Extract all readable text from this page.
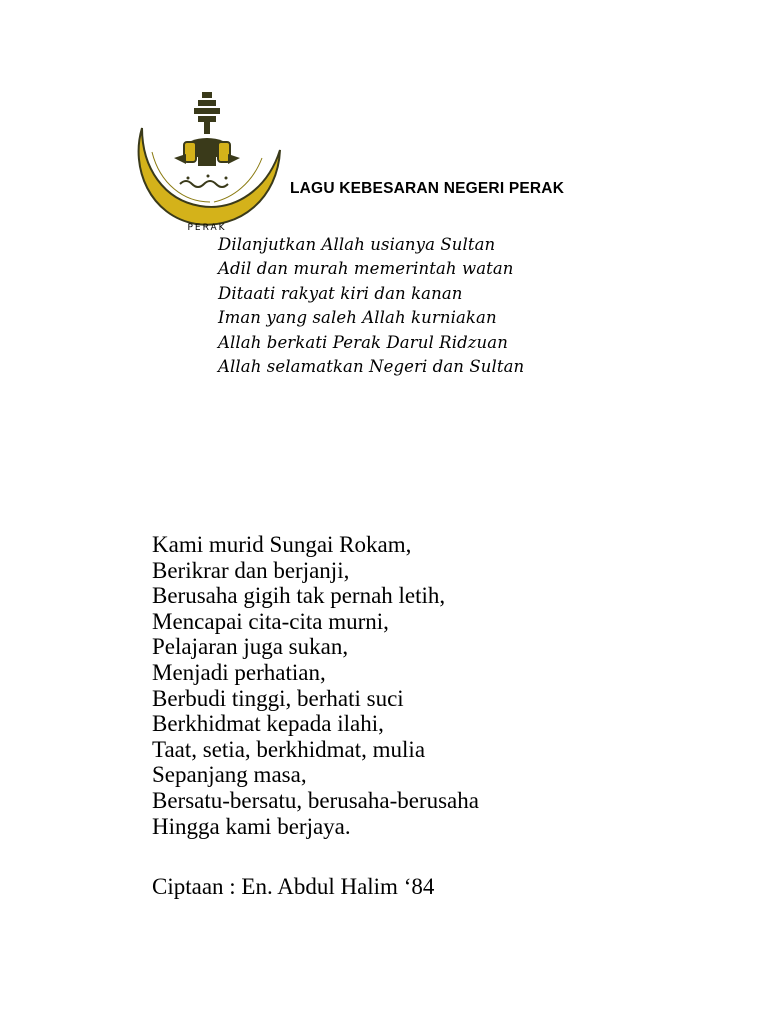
PERAK
LAGU KEBESARAN NEGERI PERAK
Dilanjutkan Allah usianya Sultan
Adil dan murah memerintah watan
Ditaati rakyat kiri dan kanan
Iman yang saleh Allah kurniakan
Allah berkati Perak Darul Ridzuan
Allah selamatkan Negeri dan Sultan
Kami murid Sungai Rokam,
Berikrar dan berjanji,
Berusaha gigih tak pernah letih,
Mencapai cita-cita murni,
Pelajaran juga sukan,
Menjadi perhatian,
Berbudi tinggi, berhati suci
Berkhidmat kepada ilahi,
Taat, setia, berkhidmat, mulia
Sepanjang masa,
Bersatu-bersatu, berusaha-berusaha
Hingga kami berjaya.
Ciptaan : En. Abdul Halim ‘84
